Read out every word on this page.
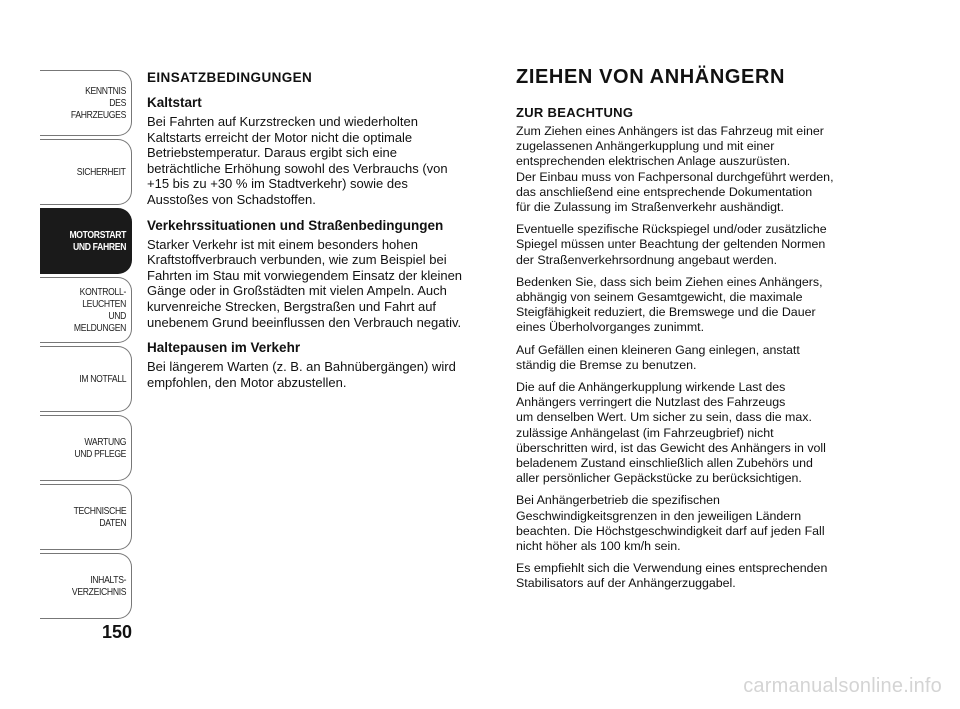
KENNTNIS
DES FAHRZEUGES
SICHERHEIT
MOTORSTART
UND FAHREN
KONTROLL-
LEUCHTEN
UND MELDUNGEN
IM NOTFALL
WARTUNG
UND PFLEGE
TECHNISCHE
DATEN
INHALTS-
VERZEICHNIS
150
EINSATZBEDINGUNGEN
Kaltstart

Bei Fahrten auf Kurzstrecken und wiederholten
Kaltstarts erreicht der Motor nicht die optimale
Betriebstemperatur. Daraus ergibt sich eine
beträchtliche Erhöhung sowohl des Verbrauchs (von
+15 bis zu +30 % im Stadtverkehr) sowie des
Ausstoßes von Schadstoffen.

Verkehrssituationen und Straßenbedingungen

Starker Verkehr ist mit einem besonders hohen
Kraftstoffverbrauch verbunden, wie zum Beispiel bei
Fahrten im Stau mit vorwiegendem Einsatz der kleinen
Gänge oder in Großstädten mit vielen Ampeln. Auch
kurvenreiche Strecken, Bergstraßen und Fahrt auf
unebenem Grund beeinflussen den Verbrauch negativ.

Haltepausen im Verkehr

Bei längerem Warten (z. B. an Bahnübergängen) wird
empfohlen, den Motor abzustellen.

ZIEHEN VON ANHÄNGERN
ZUR BEACHTUNG

Zum Ziehen eines Anhängers ist das Fahrzeug mit einer
zugelassenen Anhängerkupplung und mit einer
entsprechenden elektrischen Anlage auszurüsten.
Der Einbau muss von Fachpersonal durchgeführt werden,
das anschließend eine entsprechende Dokumentation
für die Zulassung im Straßenverkehr aushändigt.

Eventuelle spezifische Rückspiegel und/oder zusätzliche
Spiegel müssen unter Beachtung der geltenden Normen
der Straßenverkehrsordnung angebaut werden.

Bedenken Sie, dass sich beim Ziehen eines Anhängers,
abhängig von seinem Gesamtgewicht, die maximale
Steigfähigkeit reduziert, die Bremswege und die Dauer
eines Überholvorganges zunimmt.

Auf Gefällen einen kleineren Gang einlegen, anstatt
ständig die Bremse zu benutzen.

Die auf die Anhängerkupplung wirkende Last des
Anhängers verringert die Nutzlast des Fahrzeugs
um denselben Wert. Um sicher zu sein, dass die max.
zulässige Anhängelast (im Fahrzeugbrief) nicht
überschritten wird, ist das Gewicht des Anhängers in voll
beladenem Zustand einschließlich allen Zubehörs und
aller persönlicher Gepäckstücke zu berücksichtigen.

Bei Anhängerbetrieb die spezifischen
Geschwindigkeitsgrenzen in den jeweiligen Ländern
beachten. Die Höchstgeschwindigkeit darf auf jeden Fall
nicht höher als 100 km/h sein.

Es empfiehlt sich die Verwendung eines entsprechenden
Stabilisators auf der Anhängerzuggabel.

carmanualsonline.info
